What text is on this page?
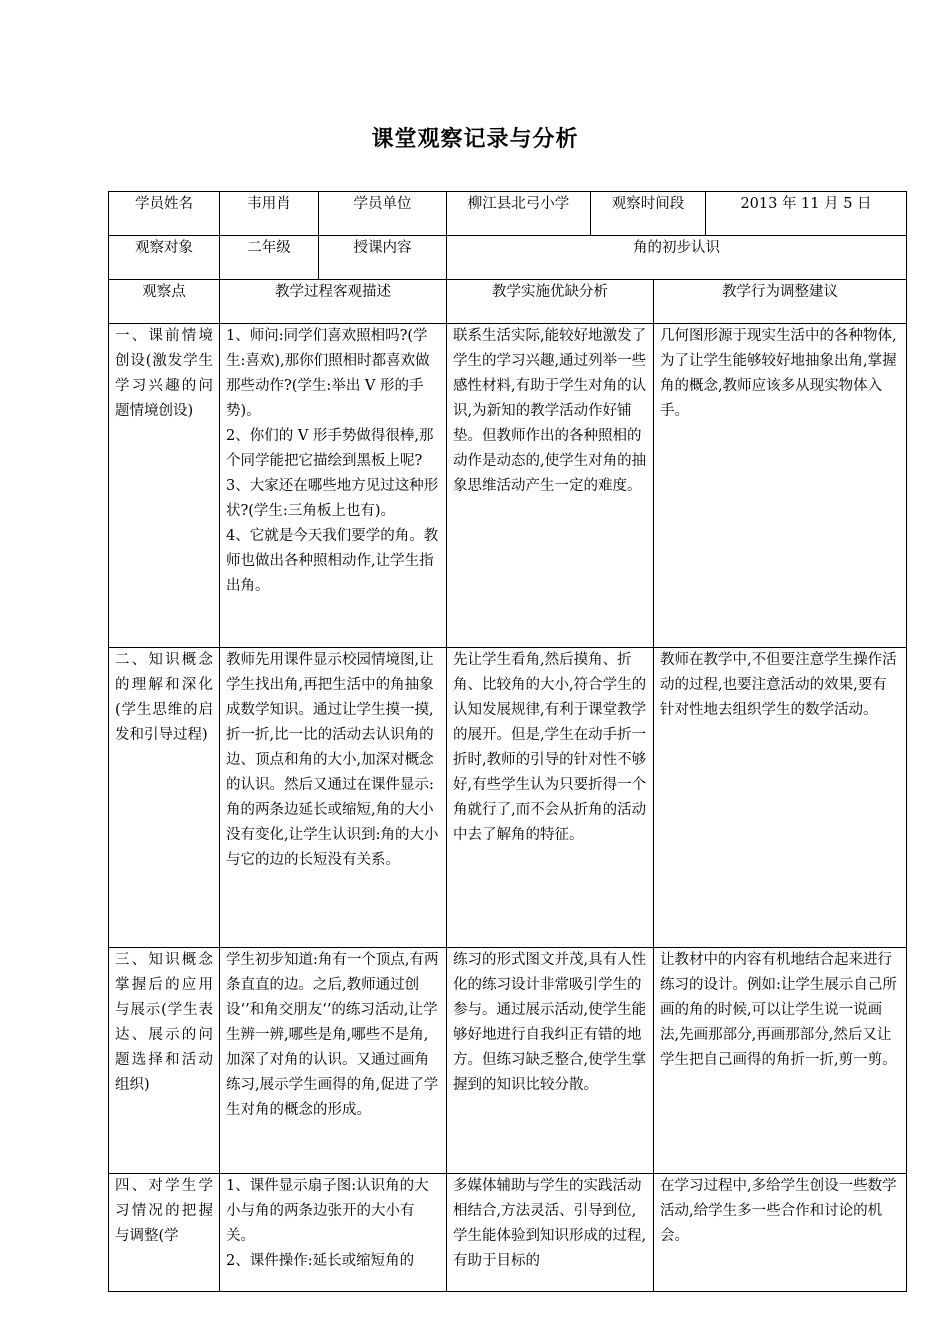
课堂观察记录与分析
学员姓名	韦用肖	学员单位	柳江县北弓小学	观察时间段		2013 年 11 月 5 日
观察对象	二年级	授课内容	角的初步认识			
观察点	教学过程客观描述		教学实施优缺分析		教学行为调整建议	
一、课前情境创设(激发学生学习兴趣的问题情境创设)	1、师问:同学们喜欢照相吗?(学生:喜欢),那你们照相时都喜欢做那些动作?(学生:举出 V 形的手势)。
2、你们的 V 形手势做得很棒,那个同学能把它描绘到黑板上呢?
3、大家还在哪些地方见过这种形状?(学生:三角板上也有)。
4、它就是今天我们要学的角。教师也做出各种照相动作,让学生指出角。		联系生活实际,能较好地激发了学生的学习兴趣,通过列举一些感性材料,有助于学生对角的认识,为新知的教学活动作好铺垫。但教师作出的各种照相的动作是动态的,使学生对角的抽象思维活动产生一定的难度。		几何图形源于现实生活中的各种物体,为了让学生能够较好地抽象出角,掌握角的概念,教师应该多从现实物体入手。	
二、知识概念的理解和深化(学生思维的启发和引导过程)	教师先用课件显示校园情境图,让学生找出角,再把生活中的角抽象成数学知识。通过让学生摸一摸,折一折,比一比的活动去认识角的边、顶点和角的大小,加深对概念的认识。然后又通过在课件显示:角的两条边延长或缩短,角的大小没有变化,让学生认识到:角的大小与它的边的长短没有关系。		先让学生看角,然后摸角、折角、比较角的大小,符合学生的认知发展规律,有利于课堂教学的展开。但是,学生在动手折一折时,教师的引导的针对性不够好,有些学生认为只要折得一个角就行了,而不会从折角的活动中去了解角的特征。		教师在教学中,不但要注意学生操作活动的过程,也要注意活动的效果,要有针对性地去组织学生的数学活动。	
三、知识概念掌握后的应用与展示(学生表达、展示的问题选择和活动组织)	学生初步知道:角有一个顶点,有两条直直的边。之后,教师通过创设‘’和角交朋友‘’的练习活动,让学生辨一辨,哪些是角,哪些不是角,加深了对角的认识。又通过画角练习,展示学生画得的角,促进了学生对角的概念的形成。		练习的形式图文并茂,具有人性化的练习设计非常吸引学生的参与。通过展示活动,使学生能够好地进行自我纠正有错的地方。但练习缺乏整合,使学生掌握到的知识比较分散。		让教材中的内容有机地结合起来进行练习的设计。例如:让学生展示自己所画的角的时候,可以让学生说一说画法,先画那部分,再画那部分,然后又让学生把自己画得的角折一折,剪一剪。	
四、对学生学习情况的把握与调整(学	1、课件显示扇子图:认识角的大小与角的两条边张开的大小有关。
2、课件操作:延长或缩短角的		多媒体辅助与学生的实践活动相结合,方法灵活、引导到位,学生能体验到知识形成的过程,有助于目标的		在学习过程中,多给学生创设一些数学活动,给学生多一些合作和讨论的机会。	
